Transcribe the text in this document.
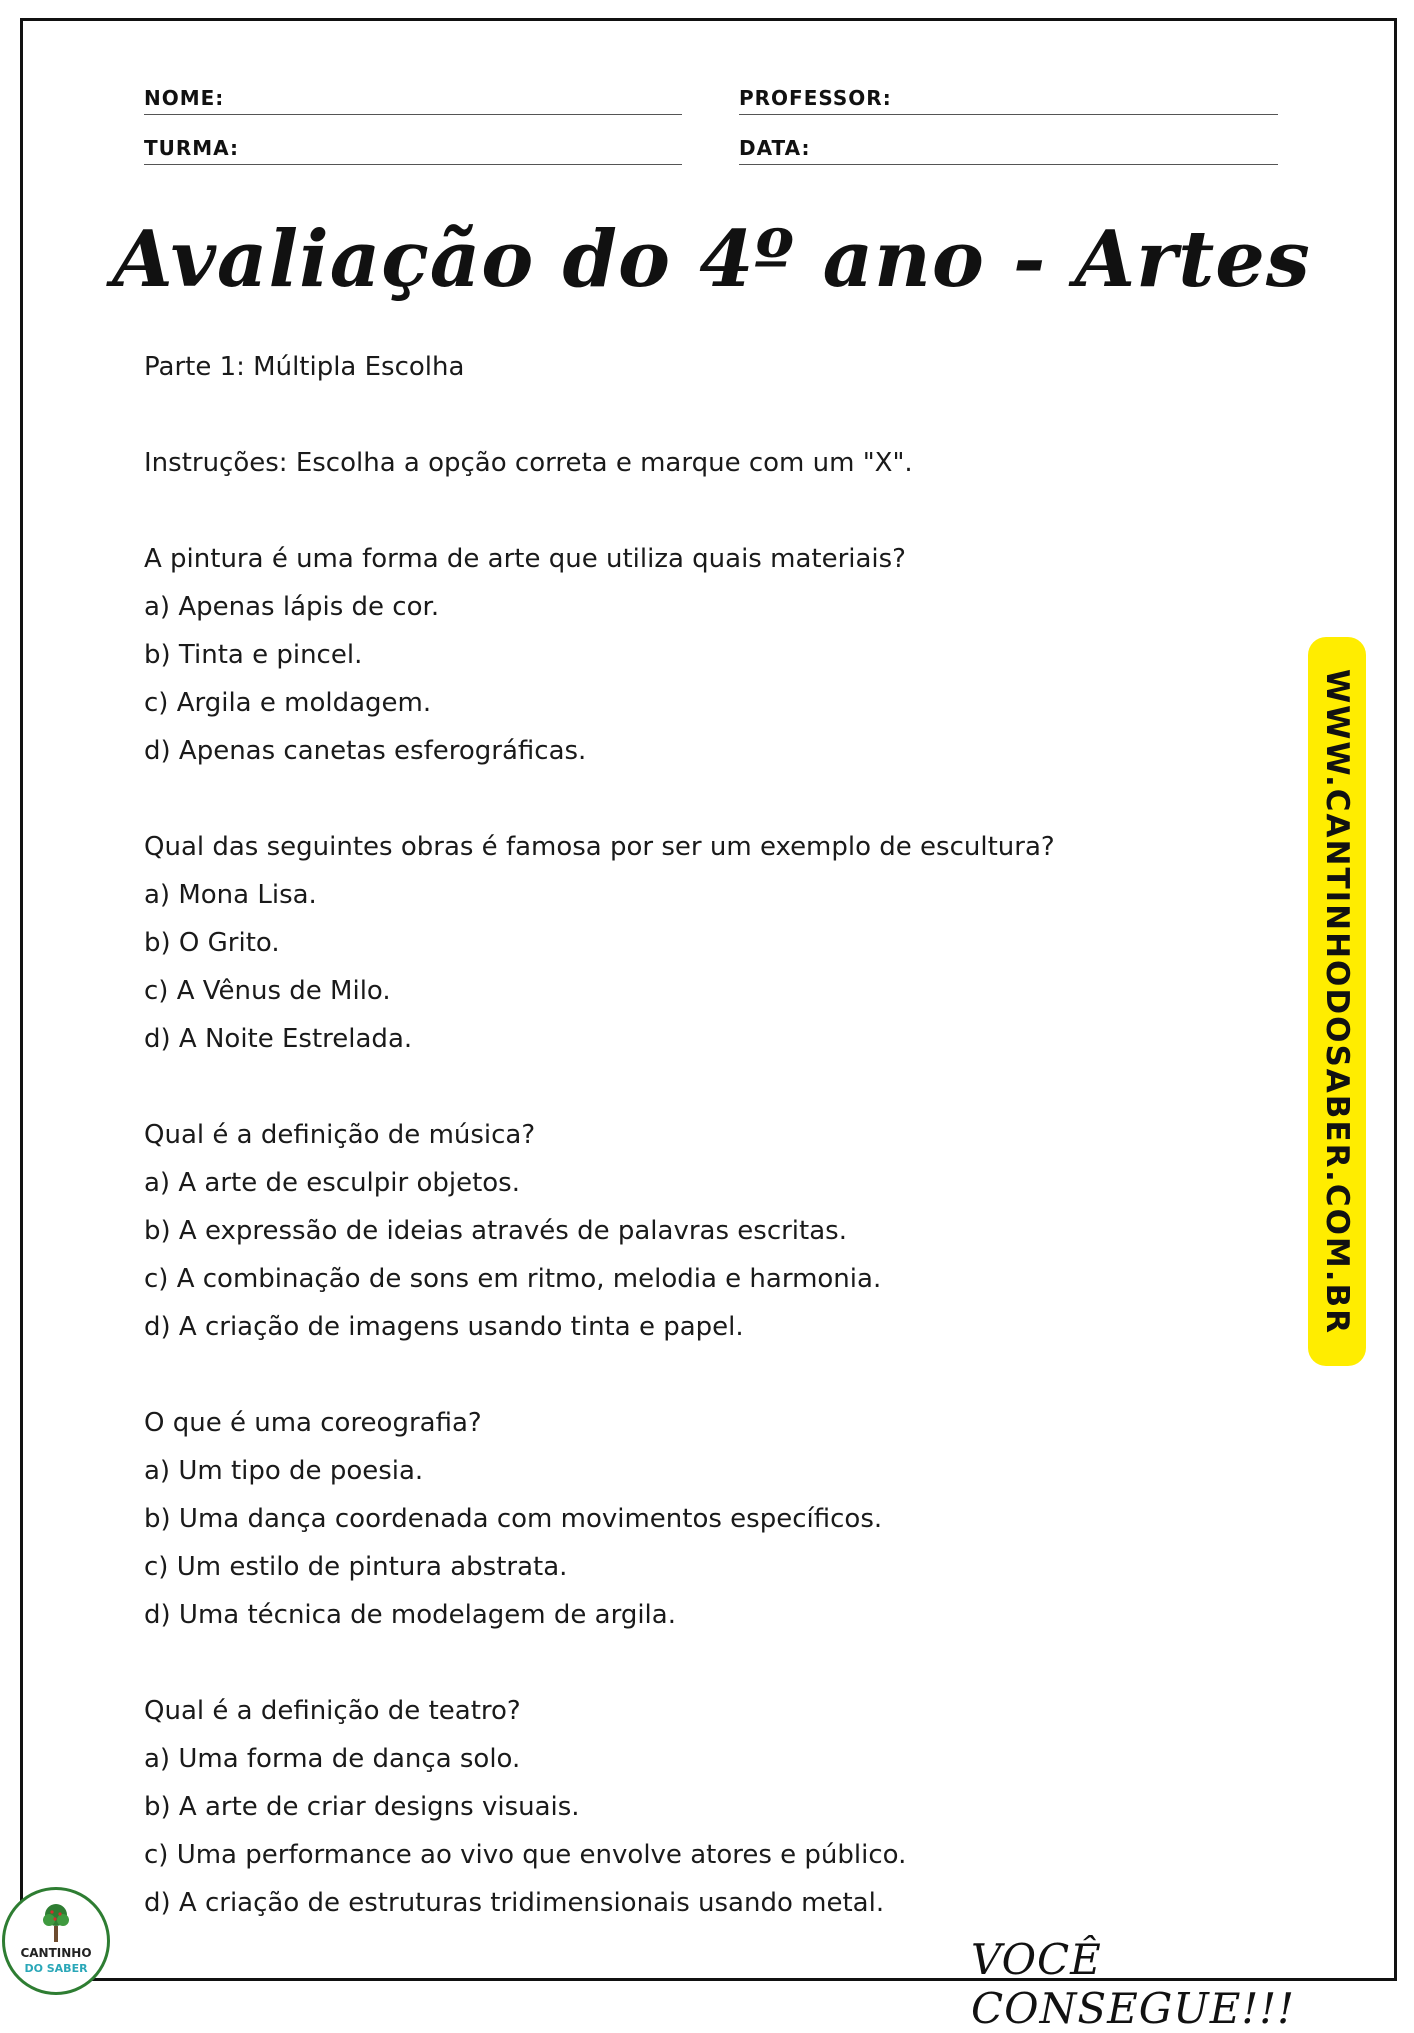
NOME:	PROFESSOR:
TURMA:	DATA:
Avaliação do 4º ano - Artes

Parte 1: Múltipla Escolha

Instruções: Escolha a opção correta e marque com um "X".

A pintura é uma forma de arte que utiliza quais materiais?

a) Apenas lápis de cor.

b) Tinta e pincel.

c) Argila e moldagem.

d) Apenas canetas esferográficas.

Qual das seguintes obras é famosa por ser um exemplo de escultura?

a) Mona Lisa.

b) O Grito.

c) A Vênus de Milo.

d) A Noite Estrelada.

Qual é a definição de música?

a) A arte de esculpir objetos.

b) A expressão de ideias através de palavras escritas.

c) A combinação de sons em ritmo, melodia e harmonia.

d) A criação de imagens usando tinta e papel.

O que é uma coreografia?

a) Um tipo de poesia.

b) Uma dança coordenada com movimentos específicos.

c) Um estilo de pintura abstrata.

d) Uma técnica de modelagem de argila.

Qual é a definição de teatro?

a) Uma forma de dança solo.

b) A arte de criar designs visuais.

c) Uma performance ao vivo que envolve atores e público.

d) A criação de estruturas tridimensionais usando metal.

VOCÊ CONSEGUE!!!
WWW.CANTINHODOSABER.COM.BR
CANTINHO
DO SABER
